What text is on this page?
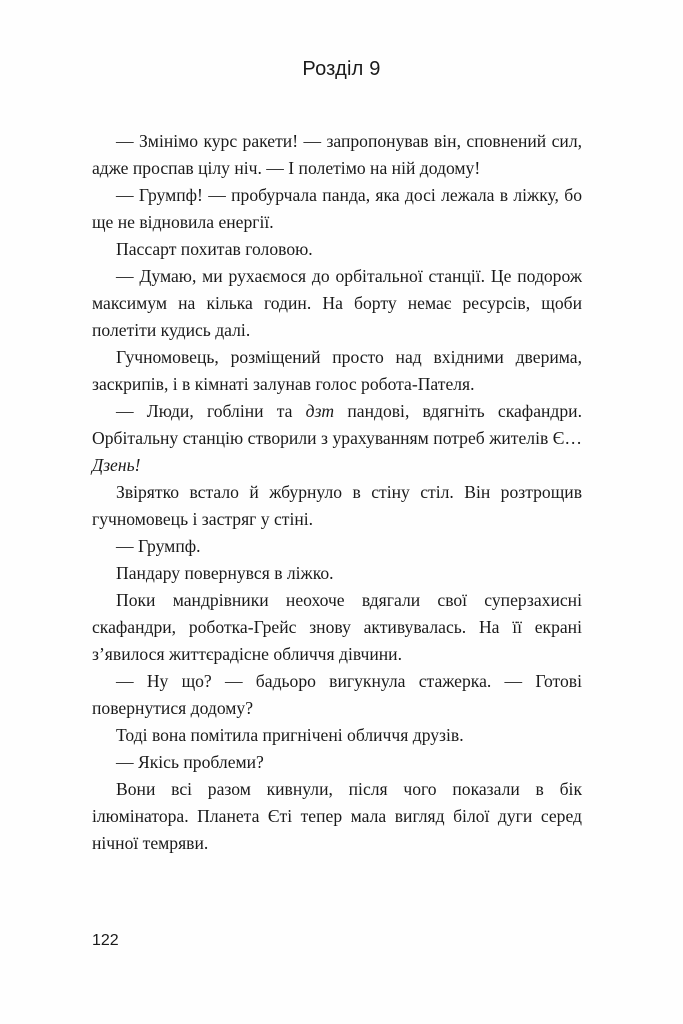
Розділ 9

— Змінімо курс ракети! — запропонував він, сповнений сил, адже проспав цілу ніч. — І полетімо на ній додому!

— Грумпф! — пробурчала панда, яка досі лежала в ліжку, бо ще не відновила енергії.

Пассарт похитав головою.

— Думаю, ми рухаємося до орбітальної станції. Це подорож максимум на кілька годин. На борту немає ресурсів, щоби полетіти кудись далі.

Гучномовець, розміщений просто над вхідними дверима, заскрипів, і в кімнаті залунав голос робота-Пателя.

— Люди, гобліни та дзт пандові, вдягніть скафандри. Орбітальну станцію створили з урахуванням потреб жителів Є… Дзень!

Звірятко встало й жбурнуло в стіну стіл. Він розтрощив гучномовець і застряг у стіні.

— Грумпф.

Пандару повернувся в ліжко.

Поки мандрівники неохоче вдягали свої суперзахисні скафандри, роботка-Грейс знову активувалась. На її екрані з’явилося життєрадісне обличчя дівчини.

— Ну що? — бадьоро вигукнула стажерка. — Готові повернутися додому?

Тоді вона помітила пригнічені обличчя друзів.

— Якісь проблеми?

Вони всі разом кивнули, після чого показали в бік ілюмінатора. Планета Єті тепер мала вигляд білої дуги серед нічної темряви.

122
